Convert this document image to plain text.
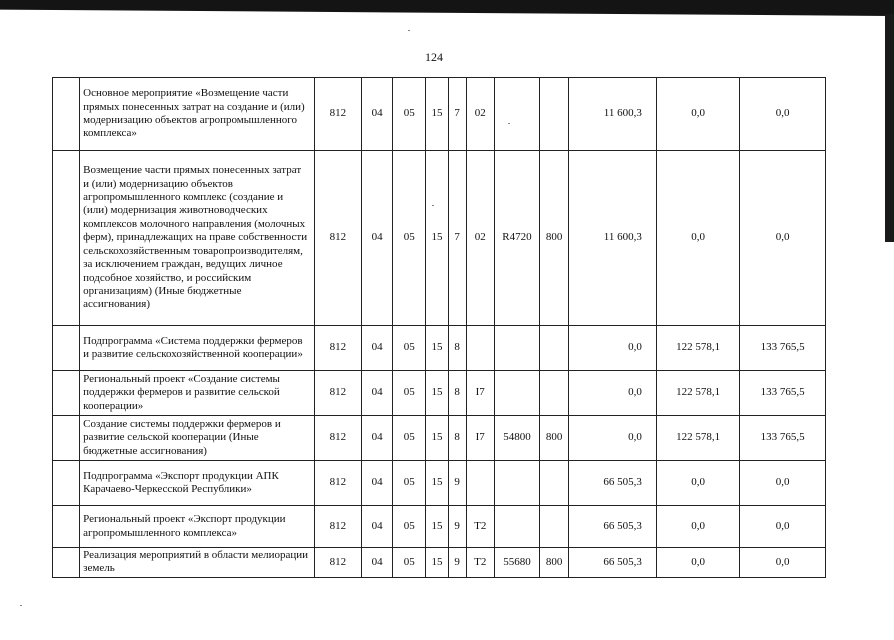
124
	Основное мероприятие «Возмещение части прямых понесенных затрат на создание и (или) модернизацию объектов агропромышленного комплекса»	812	04	05	15	7	02			11 600,3	0,0	0,0
	Возмещение части прямых понесенных затрат и (или) модернизацию объектов агропромышленного комплекс (создание и (или) модернизация животноводческих комплексов молочного направления (молочных ферм), принадлежащих на праве собственности сельскохозяйственным товаропроизводителям, за исключением граждан, ведущих личное подсобное хозяйство, и российским организациям) (Иные бюджетные ассигнования)	812	04	05	15	7	02	R4720	800	11 600,3	0,0	0,0
	Подпрограмма «Система поддержки фермеров и развитие сельскохозяйственной кооперации»	812	04	05	15	8				0,0	122 578,1	133 765,5
	Региональный проект «Создание системы поддержки фермеров и развитие сельской кооперации»	812	04	05	15	8	I7			0,0	122 578,1	133 765,5
	Создание системы поддержки фермеров и развитие сельской кооперации (Иные бюджетные ассигнования)	812	04	05	15	8	I7	54800	800	0,0	122 578,1	133 765,5
	Подпрограмма «Экспорт продукции АПК Карачаево-Черкесской Республики»	812	04	05	15	9				66 505,3	0,0	0,0
	Региональный проект «Экспорт продукции агропромышленного комплекса»	812	04	05	15	9	T2			66 505,3	0,0	0,0
	Реализация мероприятий в области мелиорации земель	812	04	05	15	9	T2	55680	800	66 505,3	0,0	0,0
